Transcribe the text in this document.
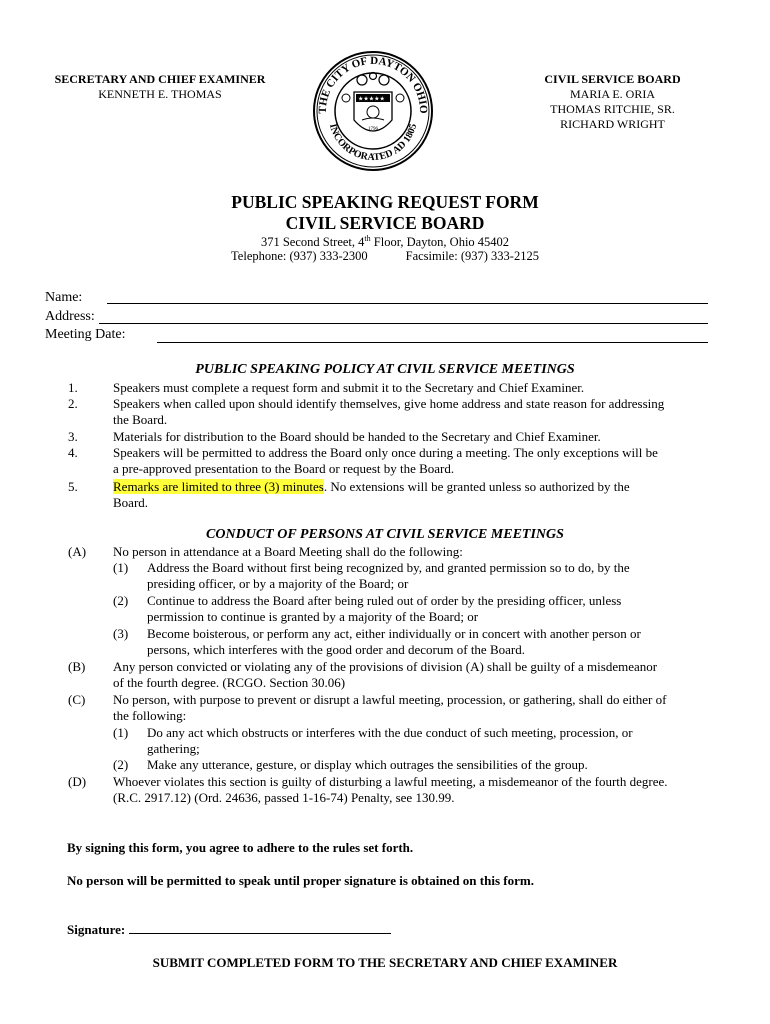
SECRETARY AND CHIEF EXAMINER
KENNETH E. THOMAS
THE CITY OF DAYTON OHIO
INCORPORATED AD 1805
★★★★★
1796
CIVIL SERVICE BOARD
MARIA E. ORIA
THOMAS RITCHIE, SR.
RICHARD WRIGHT
PUBLIC SPEAKING REQUEST FORM
CIVIL SERVICE BOARD
371 Second Street, 4th Floor, Dayton, Ohio 45402
Telephone: (937) 333-2300	Facsimile: (937) 333-2125
Name:
Address:
Meeting Date:
PUBLIC SPEAKING POLICY AT CIVIL SERVICE MEETINGS
1.	Speakers must complete a request form and submit it to the Secretary and Chief Examiner.
2.	Speakers when called upon should identify themselves, give home address and state reason for addressing
the Board.
3.	Materials for distribution to the Board should be handed to the Secretary and Chief Examiner.
4.	Speakers will be permitted to address the Board only once during a meeting. The only exceptions will be
a pre-approved presentation to the Board or request by the Board.
5.	Remarks are limited to three (3) minutes. No extensions will be granted unless so authorized by the
Board.
CONDUCT OF PERSONS AT CIVIL SERVICE MEETINGS
(A) No person in attendance at a Board Meeting shall do the following:
(1) Address the Board without first being recognized by, and granted permission so to do, by the
presiding officer, or by a majority of the Board; or
(2) Continue to address the Board after being ruled out of order by the presiding officer, unless
permission to continue is granted by a majority of the Board; or
(3) Become boisterous, or perform any act, either individually or in concert with another person or
persons, which interferes with the good order and decorum of the Board.
(B) Any person convicted or violating any of the provisions of division (A) shall be guilty of a misdemeanor
of the fourth degree. (RCGO. Section 30.06)
(C) No person, with purpose to prevent or disrupt a lawful meeting, procession, or gathering, shall do either of
the following:
(1) Do any act which obstructs or interferes with the due conduct of such meeting, procession, or
gathering;
(2) Make any utterance, gesture, or display which outrages the sensibilities of the group.
(D) Whoever violates this section is guilty of disturbing a lawful meeting, a misdemeanor of the fourth degree.
(R.C. 2917.12) (Ord. 24636, passed 1-16-74) Penalty, see 130.99.
By signing this form, you agree to adhere to the rules set forth.
No person will be permitted to speak until proper signature is obtained on this form.
Signature:
SUBMIT COMPLETED FORM TO THE SECRETARY AND CHIEF EXAMINER
